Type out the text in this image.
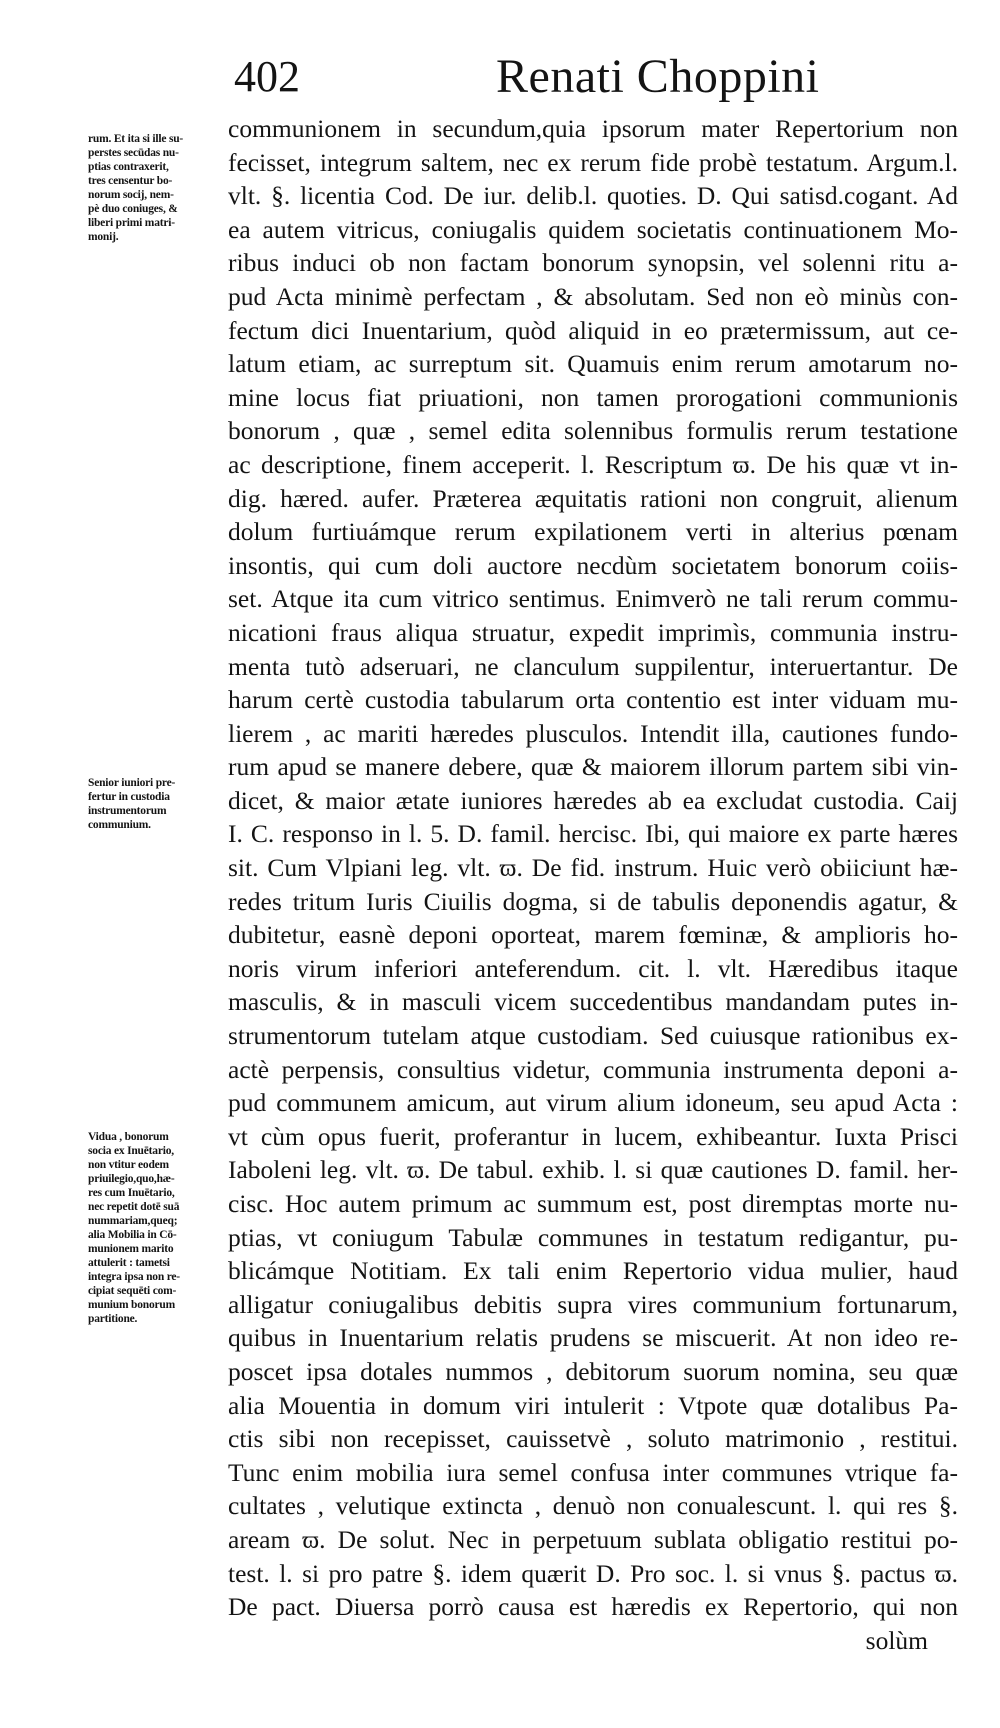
402	Renati Choppini
rum. Et ita si ille su-
perstes secūdas nu-
ptias contraxerit,
tres censentur bo-
norum socij, nem-
pè duo coniuges, &
liberi primi matri-
monij.
Senior iuniori pre-
fertur in custodia
instrumentorum
communium.
Vidua , bonorum
socia ex Inuētario,
non vtitur eodem
priuilegio,quo,hæ-
res cum Inuētario,
nec repetit dotē suā
nummariam,queq;
alia Mobilia in Cō-
munionem marito
attulerit : tametsi
integra ipsa non re-
cipiat sequēti com-
munium bonorum
partitione.
communionem in secundum,quia ipsorum mater Repertorium non
fecisset, integrum saltem, nec ex rerum fide probè testatum. Argum.l.
vlt. §. licentia Cod. De iur. delib.l. quoties. D. Qui satisd.cogant. Ad
ea autem vitricus, coniugalis quidem societatis continuationem Mo-
ribus induci ob non factam bonorum synopsin, vel solenni ritu a-
pud Acta minimè perfectam , & absolutam. Sed non eò minùs con-
fectum dici Inuentarium, quòd aliquid in eo prætermissum, aut ce-
latum etiam, ac surreptum sit. Quamuis enim rerum amotarum no-
mine locus fiat priuationi, non tamen prorogationi communionis
bonorum , quæ , semel edita solennibus formulis rerum testatione
ac descriptione, finem acceperit. l. Rescriptum ϖ. De his quæ vt in-
dig. hæred. aufer. Præterea æquitatis rationi non congruit, alienum
dolum furtiuámque rerum expilationem verti in alterius pœnam
insontis, qui cum doli auctore necdùm societatem bonorum coiis-
set. Atque ita cum vitrico sentimus. Enimverò ne tali rerum commu-
nicationi fraus aliqua struatur, expedit imprimìs, communia instru-
menta tutò adseruari, ne clanculum suppilentur, interuertantur. De
harum certè custodia tabularum orta contentio est inter viduam mu-
lierem , ac mariti hæredes plusculos. Intendit illa, cautiones fundo-
rum apud se manere debere, quæ & maiorem illorum partem sibi vin-
dicet, & maior ætate iuniores hæredes ab ea excludat custodia. Caij
I. C. responso in l. 5. D. famil. hercisc. Ibi, qui maiore ex parte hæres
sit. Cum Vlpiani leg. vlt. ϖ. De fid. instrum. Huic verò obiiciunt hæ-
redes tritum Iuris Ciuilis dogma, si de tabulis deponendis agatur, &
dubitetur, easnè deponi oporteat, marem fœminæ, & amplioris ho-
noris virum inferiori anteferendum. cit. l. vlt. Hæredibus itaque
masculis, & in masculi vicem succedentibus mandandam putes in-
strumentorum tutelam atque custodiam. Sed cuiusque rationibus ex-
actè perpensis, consultius videtur, communia instrumenta deponi a-
pud communem amicum, aut virum alium idoneum, seu apud Acta :
vt cùm opus fuerit, proferantur in lucem, exhibeantur. Iuxta Prisci
Iaboleni leg. vlt. ϖ. De tabul. exhib. l. si quæ cautiones D. famil. her-
cisc. Hoc autem primum ac summum est, post diremptas morte nu-
ptias, vt coniugum Tabulæ communes in testatum redigantur, pu-
blicámque Notitiam. Ex tali enim Repertorio vidua mulier, haud
alligatur coniugalibus debitis supra vires communium fortunarum,
quibus in Inuentarium relatis prudens se miscuerit. At non ideo re-
poscet ipsa dotales nummos , debitorum suorum nomina, seu quæ
alia Mouentia in domum viri intulerit : Vtpote quæ dotalibus Pa-
ctis sibi non recepisset, cauissetvè , soluto matrimonio , restitui.
Tunc enim mobilia iura semel confusa inter communes vtrique fa-
cultates , velutique extincta , denuò non conualescunt. l. qui res §.
aream ϖ. De solut. Nec in perpetuum sublata obligatio restitui po-
test. l. si pro patre §. idem quærit D. Pro soc. l. si vnus §. pactus ϖ.
De pact. Diuersa porrò causa est hæredis ex Repertorio, qui non
solùm
